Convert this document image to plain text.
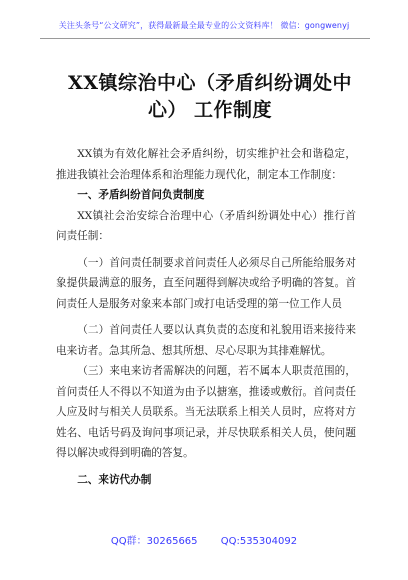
关注头条号“公文研究”，获得最新最全最专业的公文资料库！ 微信：gongwenyj
XX镇综治中心（矛盾纠纷调处中
心） 工作制度

XX镇为有效化解社会矛盾纠纷，切实维护社会和谐稳定，推进我镇社会治理体系和治理能力现代化，制定本工作制度：

一、矛盾纠纷首问负责制度

XX镇社会治安综合治理中心（矛盾纠纷调处中心）推行首问责任制：

（一）首问责任制要求首问责任人必须尽自己所能给服务对象提供最满意的服务，直至问题得到解决或给予明确的答复。首问责任人是服务对象来本部门或打电话受理的第一位工作人员

（二）首问责任人要以认真负责的态度和礼貌用语来接待来电来访者。急其所急、想其所想、尽心尽职为其排难解忧。

（三）来电来访者需解决的问题，若不属本人职责范围的，首问责任人不得以不知道为由予以搪塞，推诿或敷衍。首问责任人应及时与相关人员联系。当无法联系上相关人员时，应将对方姓名、电话号码及询问事项记录，并尽快联系相关人员，使问题得以解决或得到明确的答复。

二、来访代办制

QQ群：30265665 QQ:535304092
